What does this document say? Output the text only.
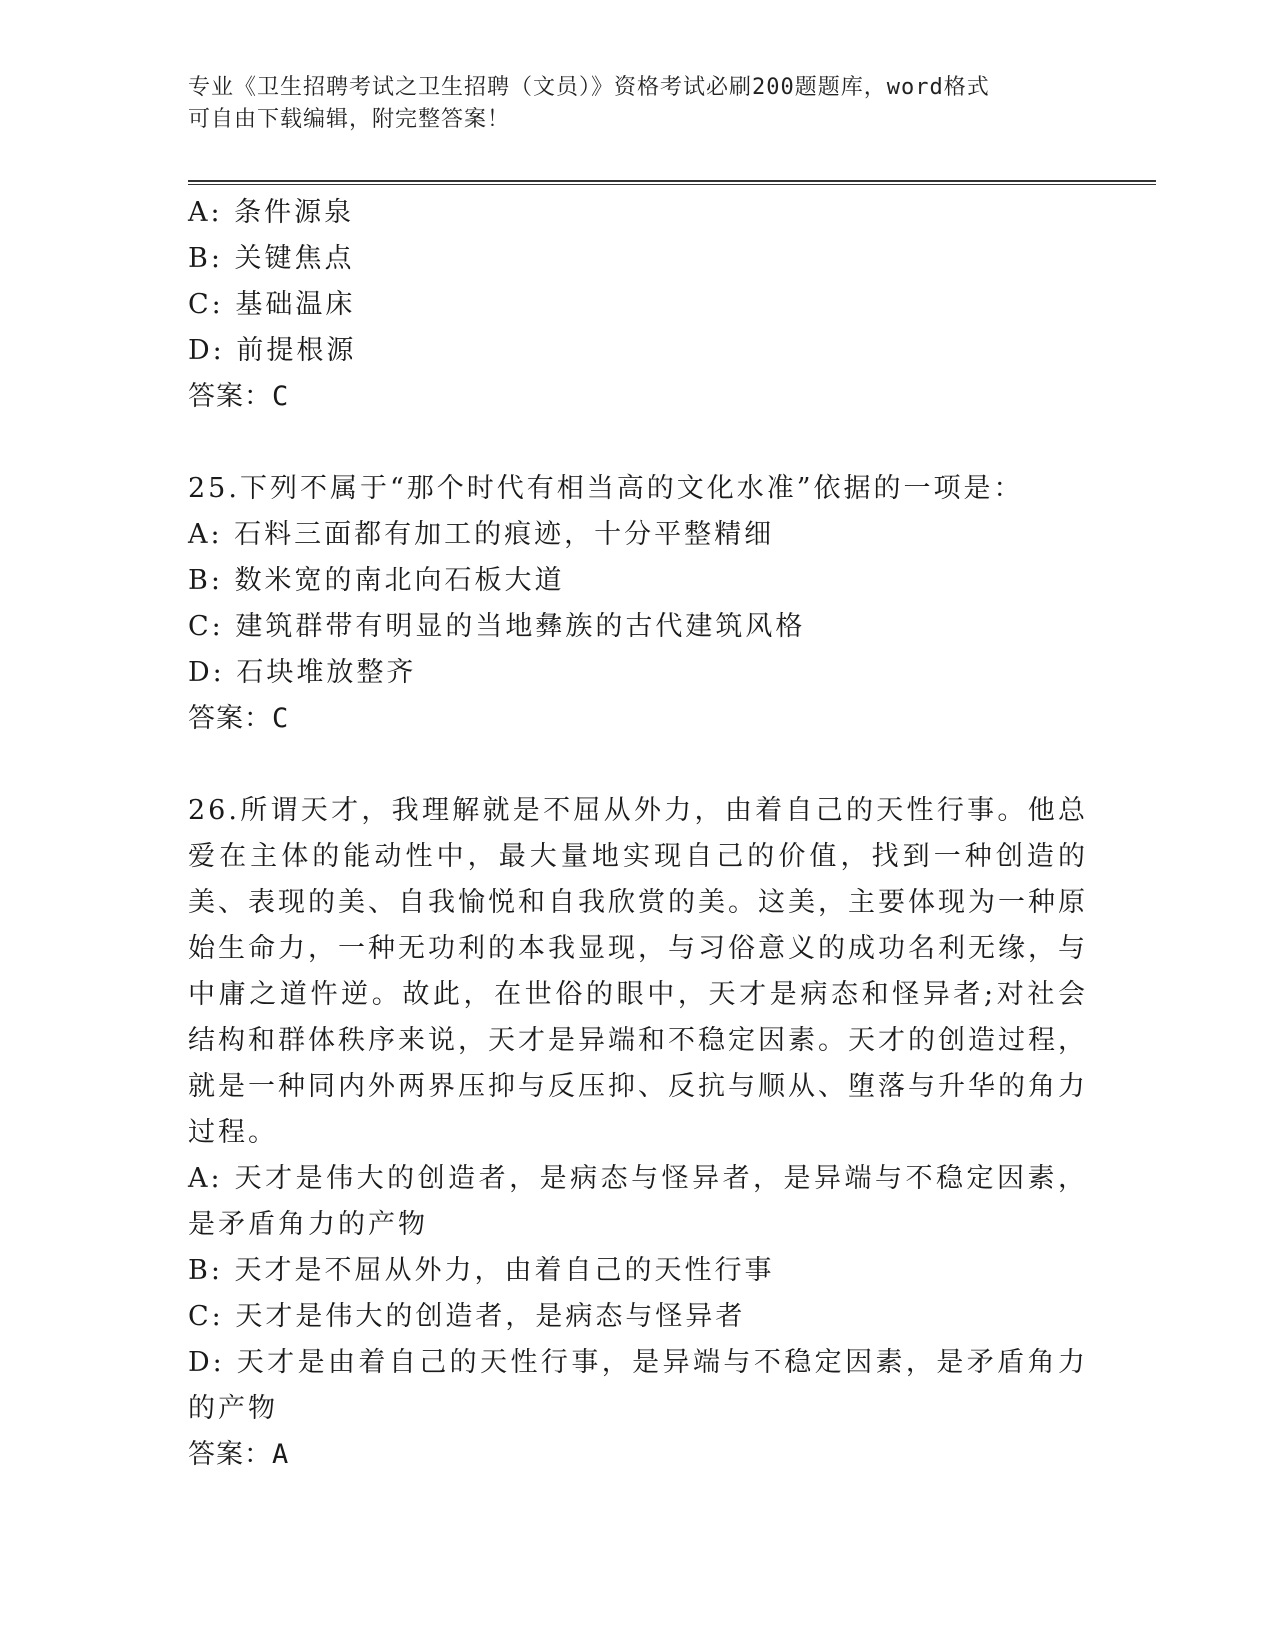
专业《卫生招聘考试之卫生招聘（文员）》资格考试必刷200题题库，word格式
可自由下载编辑，附完整答案！
A: 条件源泉
B: 关键焦点
C: 基础温床
D: 前提根源
答案：C
25.下列不属于“那个时代有相当高的文化水准”依据的一项是：
A: 石料三面都有加工的痕迹，十分平整精细
B: 数米宽的南北向石板大道
C: 建筑群带有明显的当地彝族的古代建筑风格
D: 石块堆放整齐
答案：C
26.所谓天才，我理解就是不屈从外力，由着自己的天性行事。他总爱在主体的能动性中，最大量地实现自己的价值，找到一种创造的美、表现的美、自我愉悦和自我欣赏的美。这美，主要体现为一种原始生命力，一种无功利的本我显现，与习俗意义的成功名利无缘，与中庸之道忤逆。故此，在世俗的眼中，天才是病态和怪异者;对社会结构和群体秩序来说，天才是异端和不稳定因素。天才的创造过程，就是一种同内外两界压抑与反压抑、反抗与顺从、堕落与升华的角力过程。
A: 天才是伟大的创造者，是病态与怪异者，是异端与不稳定因素，是矛盾角力的产物
B: 天才是不屈从外力，由着自己的天性行事
C: 天才是伟大的创造者，是病态与怪异者
D: 天才是由着自己的天性行事，是异端与不稳定因素，是矛盾角力的产物
答案：A
